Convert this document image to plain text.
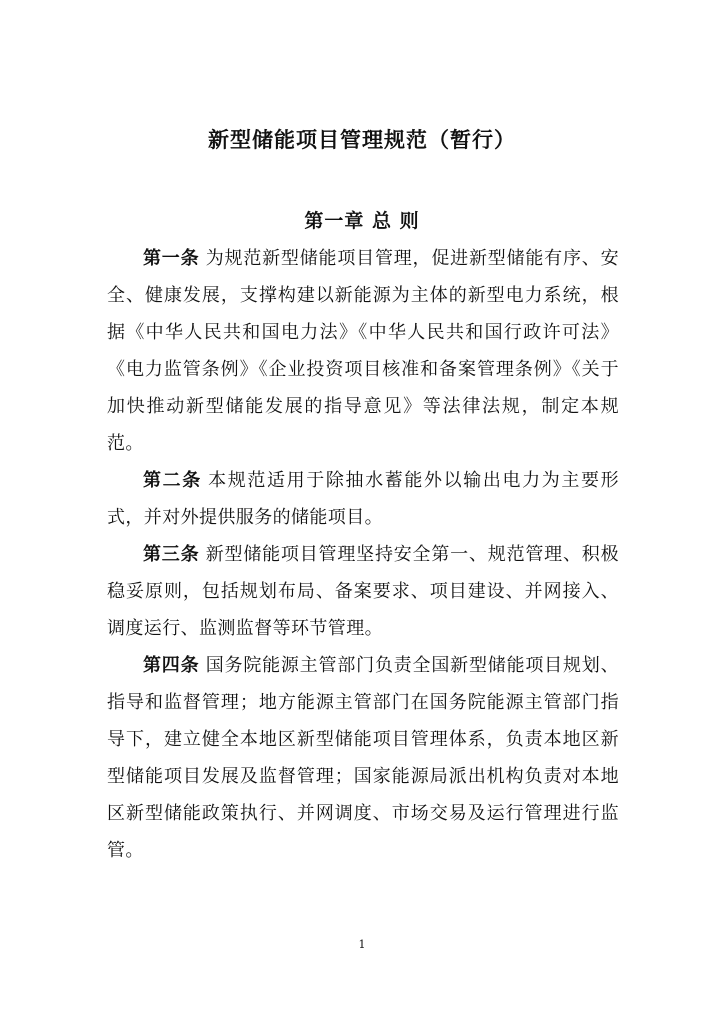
新型储能项目管理规范（暂行）
第一章 总 则

第一条 为规范新型储能项目管理，促进新型储能有序、安全、健康发展，支撑构建以新能源为主体的新型电力系统，根据《中华人民共和国电力法》《中华人民共和国行政许可法》《电力监管条例》《企业投资项目核准和备案管理条例》《关于加快推动新型储能发展的指导意见》等法律法规，制定本规范。

第二条 本规范适用于除抽水蓄能外以输出电力为主要形式，并对外提供服务的储能项目。

第三条 新型储能项目管理坚持安全第一、规范管理、积极稳妥原则，包括规划布局、备案要求、项目建设、并网接入、调度运行、监测监督等环节管理。

第四条 国务院能源主管部门负责全国新型储能项目规划、指导和监督管理；地方能源主管部门在国务院能源主管部门指导下，建立健全本地区新型储能项目管理体系，负责本地区新型储能项目发展及监督管理；国家能源局派出机构负责对本地区新型储能政策执行、并网调度、市场交易及运行管理进行监管。

1
